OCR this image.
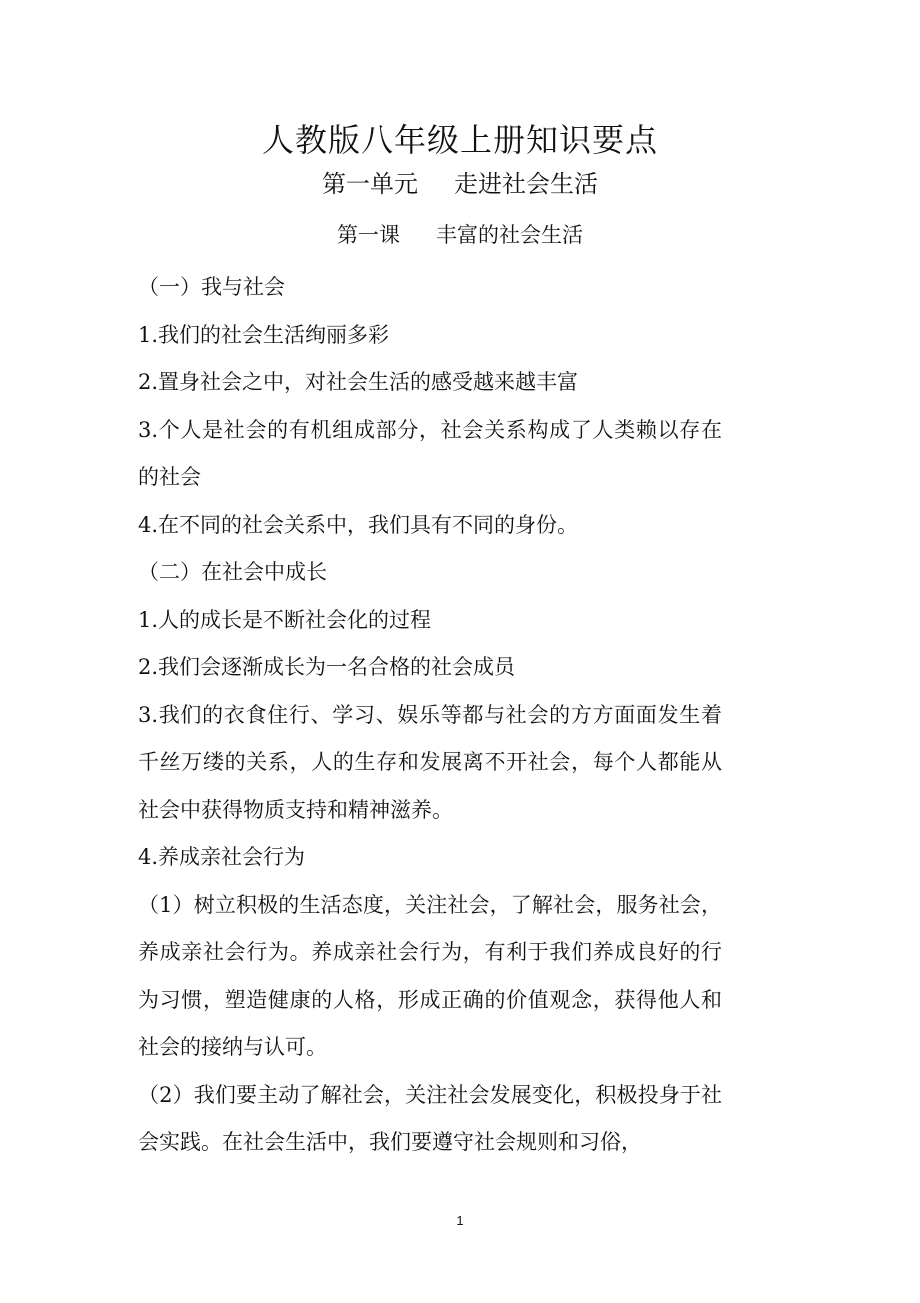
人教版八年级上册知识要点
第一单元 走进社会生活
第一课 丰富的社会生活

（一）我与社会

1.我们的社会生活绚丽多彩

2.置身社会之中，对社会生活的感受越来越丰富

3.个人是社会的有机组成部分，社会关系构成了人类赖以存在的社会

4.在不同的社会关系中，我们具有不同的身份。

（二）在社会中成长

1.人的成长是不断社会化的过程

2.我们会逐渐成长为一名合格的社会成员

3.我们的衣食住行、学习、娱乐等都与社会的方方面面发生着千丝万缕的关系，人的生存和发展离不开社会，每个人都能从社会中获得物质支持和精神滋养。

4.养成亲社会行为

（1）树立积极的生活态度，关注社会，了解社会，服务社会，养成亲社会行为。养成亲社会行为，有利于我们养成良好的行为习惯，塑造健康的人格，形成正确的价值观念，获得他人和社会的接纳与认可。

（2）我们要主动了解社会，关注社会发展变化，积极投身于社会实践。在社会生活中，我们要遵守社会规则和习俗，

1
